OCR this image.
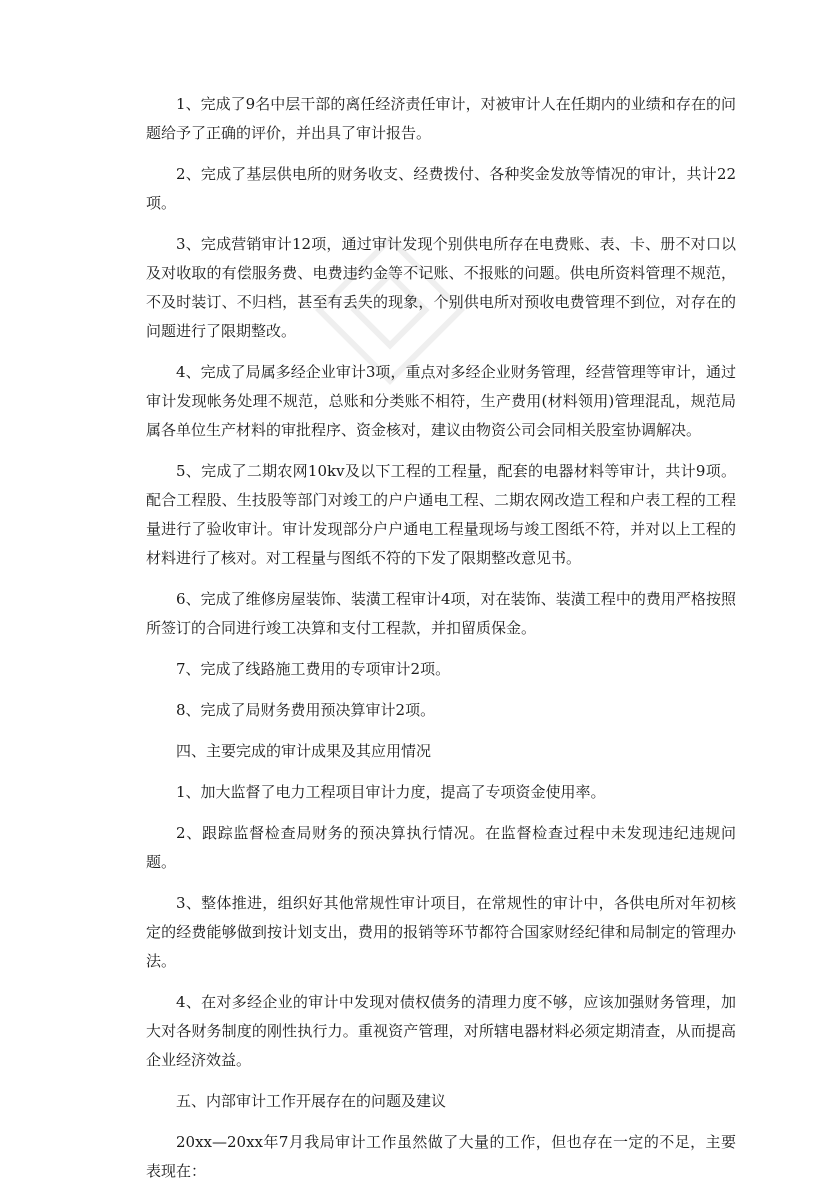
1、完成了9名中层干部的离任经济责任审计，对被审计人在任期内的业绩和存在的问题给予了正确的评价，并出具了审计报告。

2、完成了基层供电所的财务收支、经费拨付、各种奖金发放等情况的审计，共计22项。

3、完成营销审计12项，通过审计发现个别供电所存在电费账、表、卡、册不对口以及对收取的有偿服务费、电费违约金等不记账、不报账的问题。供电所资料管理不规范，不及时装订、不归档，甚至有丢失的现象，个别供电所对预收电费管理不到位，对存在的问题进行了限期整改。

4、完成了局属多经企业审计3项，重点对多经企业财务管理，经营管理等审计，通过审计发现帐务处理不规范，总账和分类账不相符，生产费用(材料领用)管理混乱，规范局属各单位生产材料的审批程序、资金核对，建议由物资公司会同相关股室协调解决。

5、完成了二期农网10kv及以下工程的工程量，配套的电器材料等审计，共计9项。配合工程股、生技股等部门对竣工的户户通电工程、二期农网改造工程和户表工程的工程量进行了验收审计。审计发现部分户户通电工程量现场与竣工图纸不符，并对以上工程的材料进行了核对。对工程量与图纸不符的下发了限期整改意见书。

6、完成了维修房屋装饰、装潢工程审计4项，对在装饰、装潢工程中的费用严格按照所签订的合同进行竣工决算和支付工程款，并扣留质保金。

7、完成了线路施工费用的专项审计2项。

8、完成了局财务费用预决算审计2项。

四、主要完成的审计成果及其应用情况

1、加大监督了电力工程项目审计力度，提高了专项资金使用率。

2、跟踪监督检查局财务的预决算执行情况。在监督检查过程中未发现违纪违规问题。

3、整体推进，组织好其他常规性审计项目，在常规性的审计中，各供电所对年初核定的经费能够做到按计划支出，费用的报销等环节都符合国家财经纪律和局制定的管理办法。

4、在对多经企业的审计中发现对债权债务的清理力度不够，应该加强财务管理，加大对各财务制度的刚性执行力。重视资产管理，对所辖电器材料必须定期清查，从而提高企业经济效益。

五、内部审计工作开展存在的问题及建议

20xx—20xx年7月我局审计工作虽然做了大量的工作，但也存在一定的不足，主要表现在：
